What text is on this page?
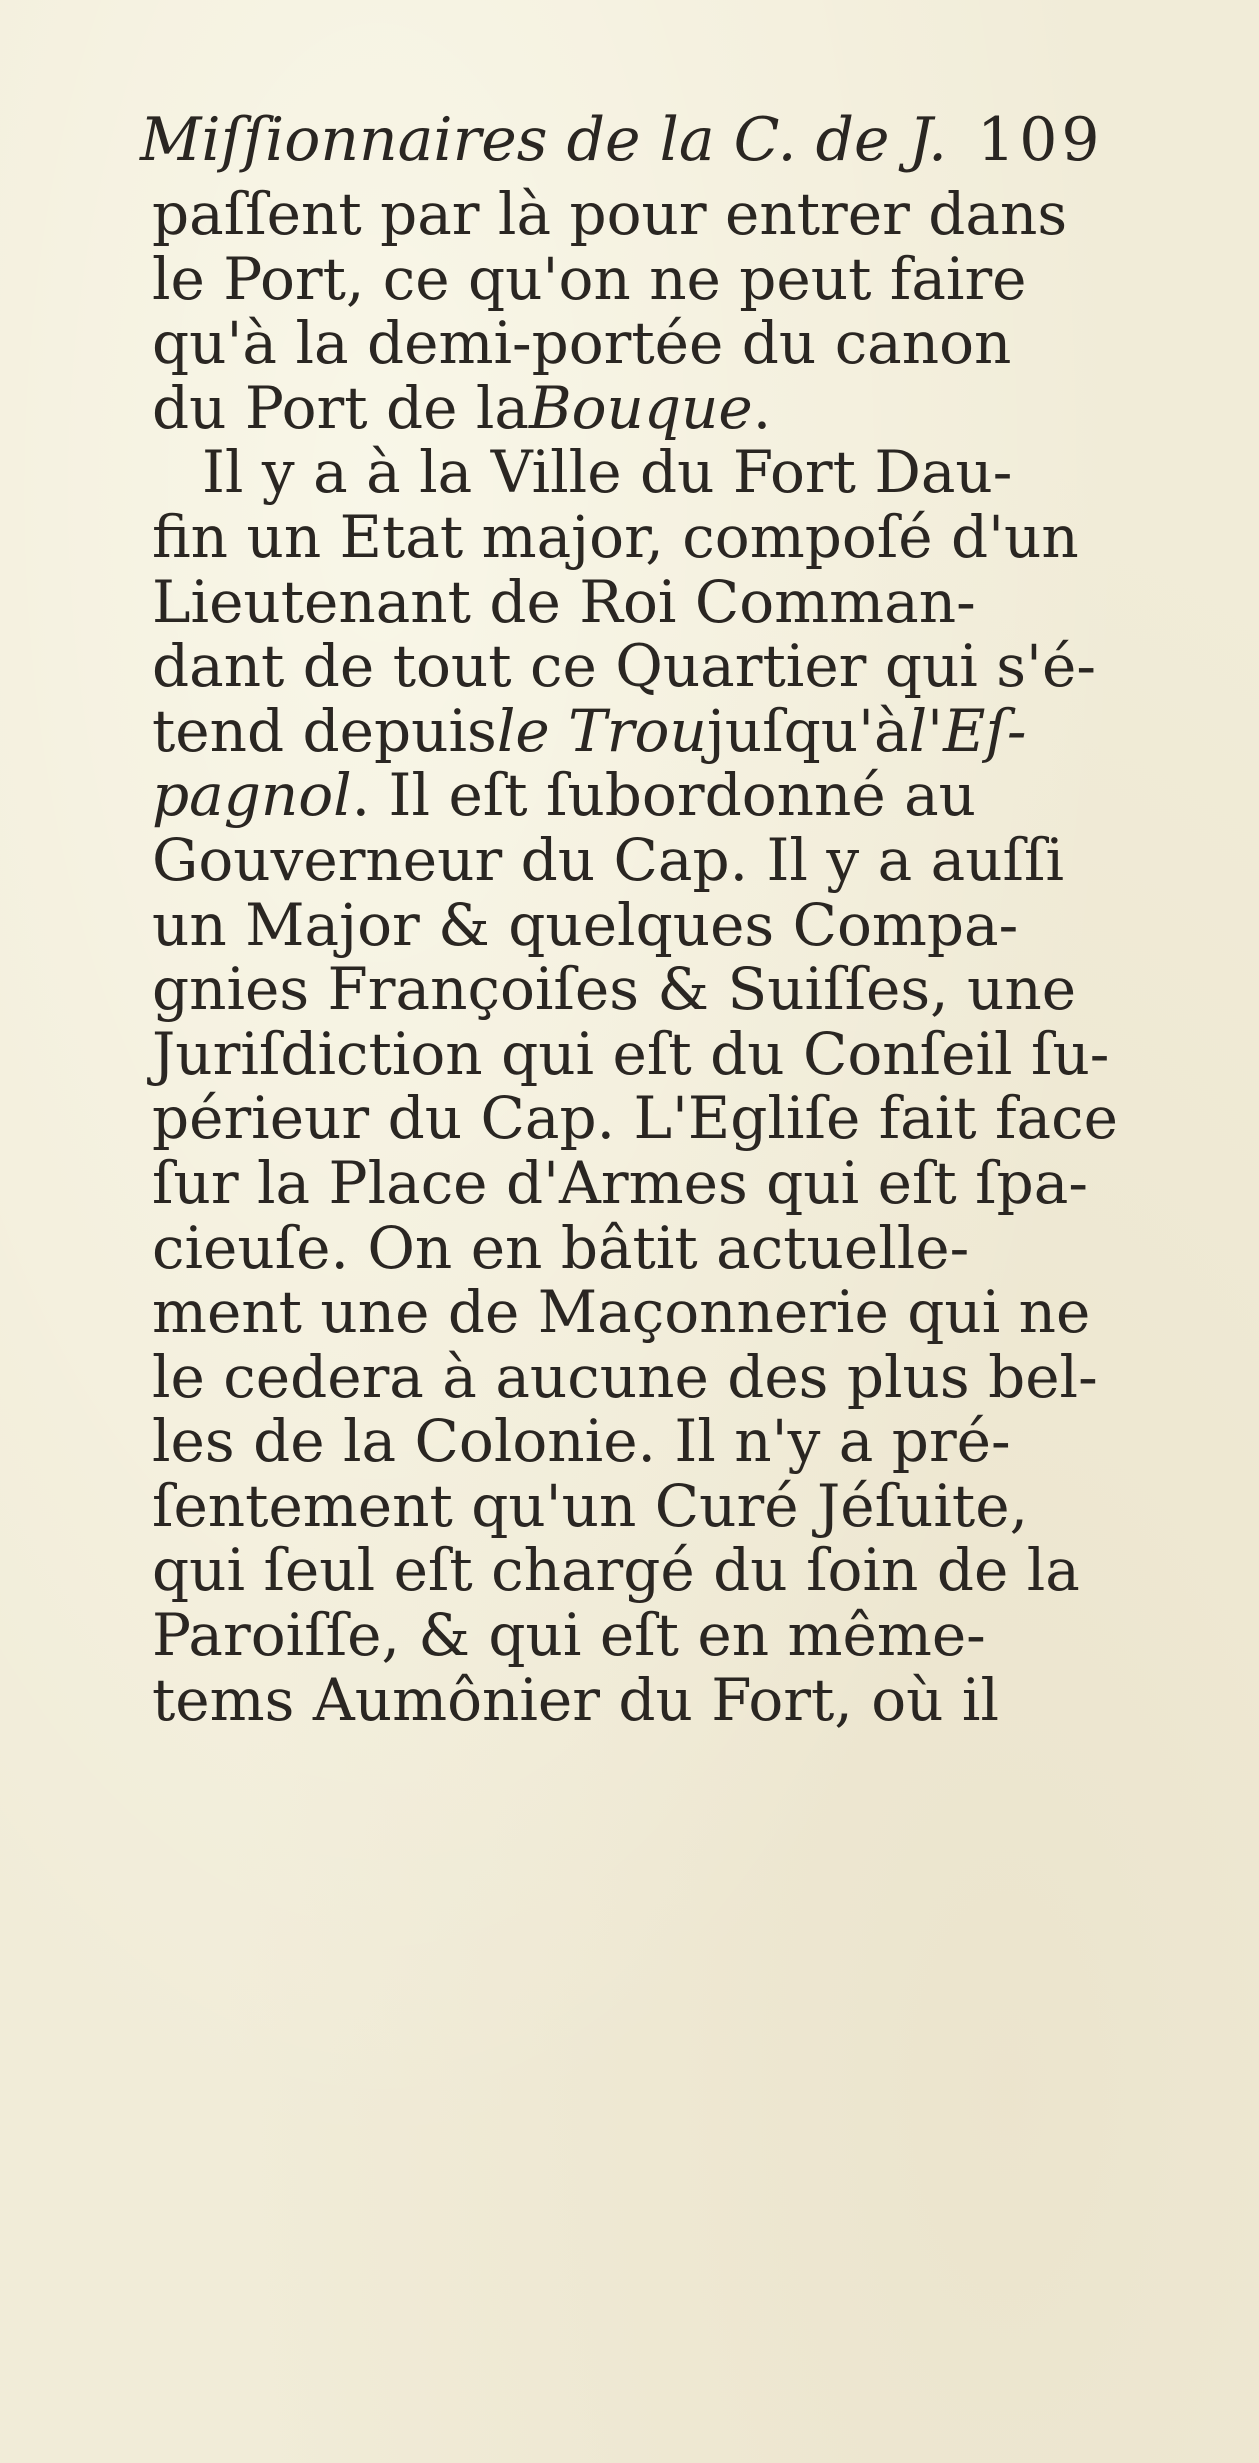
Miſſionnaires de la C. de J. 109
paſſent par là pour entrer dans
le Port, ce qu'on ne peut faire
qu'à la demi-portée du canon
du Port de laBouque.
Il y a à la Ville du Fort Dau-
fin un Etat major, compoſé d'un
Lieutenant de Roi Comman-
dant de tout ce Quartier qui s'é-
tend depuisle Troujuſqu'àl'Eſ-
pagnol. Il eſt ſubordonné au
Gouverneur du Cap. Il y a auſſi
un Major & quelques Compa-
gnies Françoiſes & Suiſſes, une
Juriſdiction qui eſt du Conſeil ſu-
périeur du Cap. L'Egliſe fait face
ſur la Place d'Armes qui eſt ſpa-
cieuſe. On en bâtit actuelle-
ment une de Maçonnerie qui ne
le cedera à aucune des plus bel-
les de la Colonie. Il n'y a pré-
ſentement qu'un Curé Jéſuite,
qui ſeul eſt chargé du ſoin de la
Paroiſſe, & qui eſt en même-
tems Aumônier du Fort, où il
